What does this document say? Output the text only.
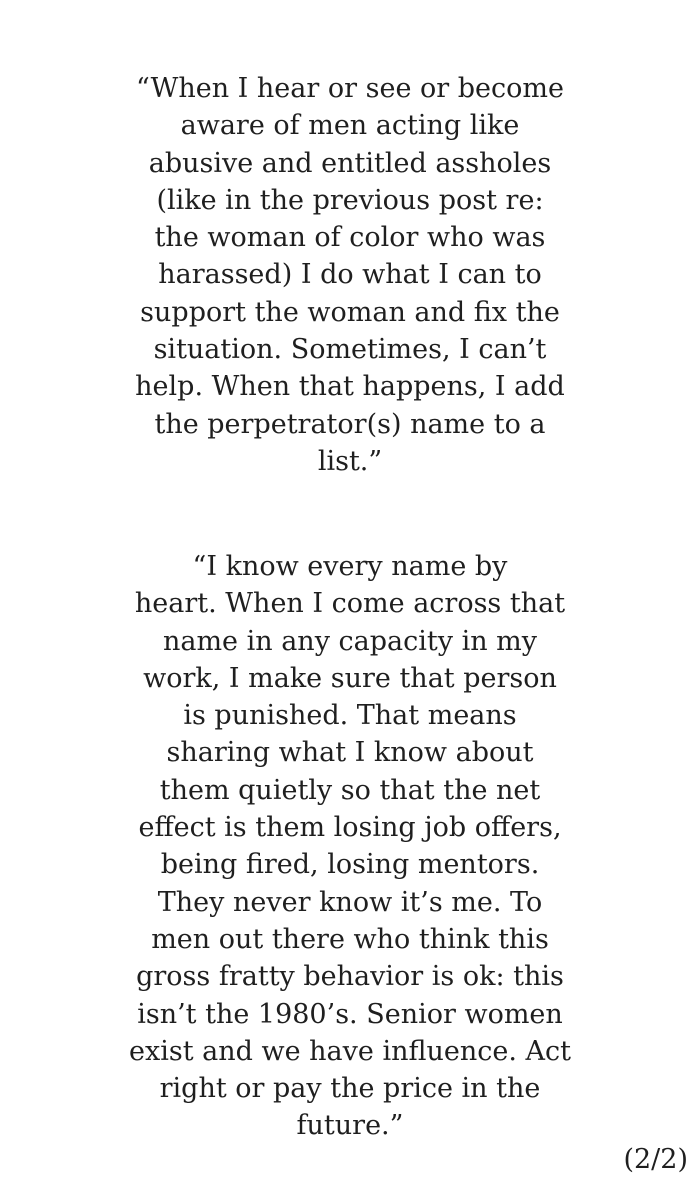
“When I hear or see or become
aware of men acting like
abusive and entitled assholes
(like in the previous post re:
the woman of color who was
harassed) I do what I can to
support the woman and fix the
situation. Sometimes, I can’t
help. When that happens, I add
the perpetrator(s) name to a
list.”
“I know every name by
heart. When I come across that
name in any capacity in my
work, I make sure that person
is punished. That means
sharing what I know about
them quietly so that the net
effect is them losing job offers,
being fired, losing mentors.
They never know it’s me. To
men out there who think this
gross fratty behavior is ok: this
isn’t the 1980’s. Senior women
exist and we have influence. Act
right or pay the price in the
future.”
(2/2)
